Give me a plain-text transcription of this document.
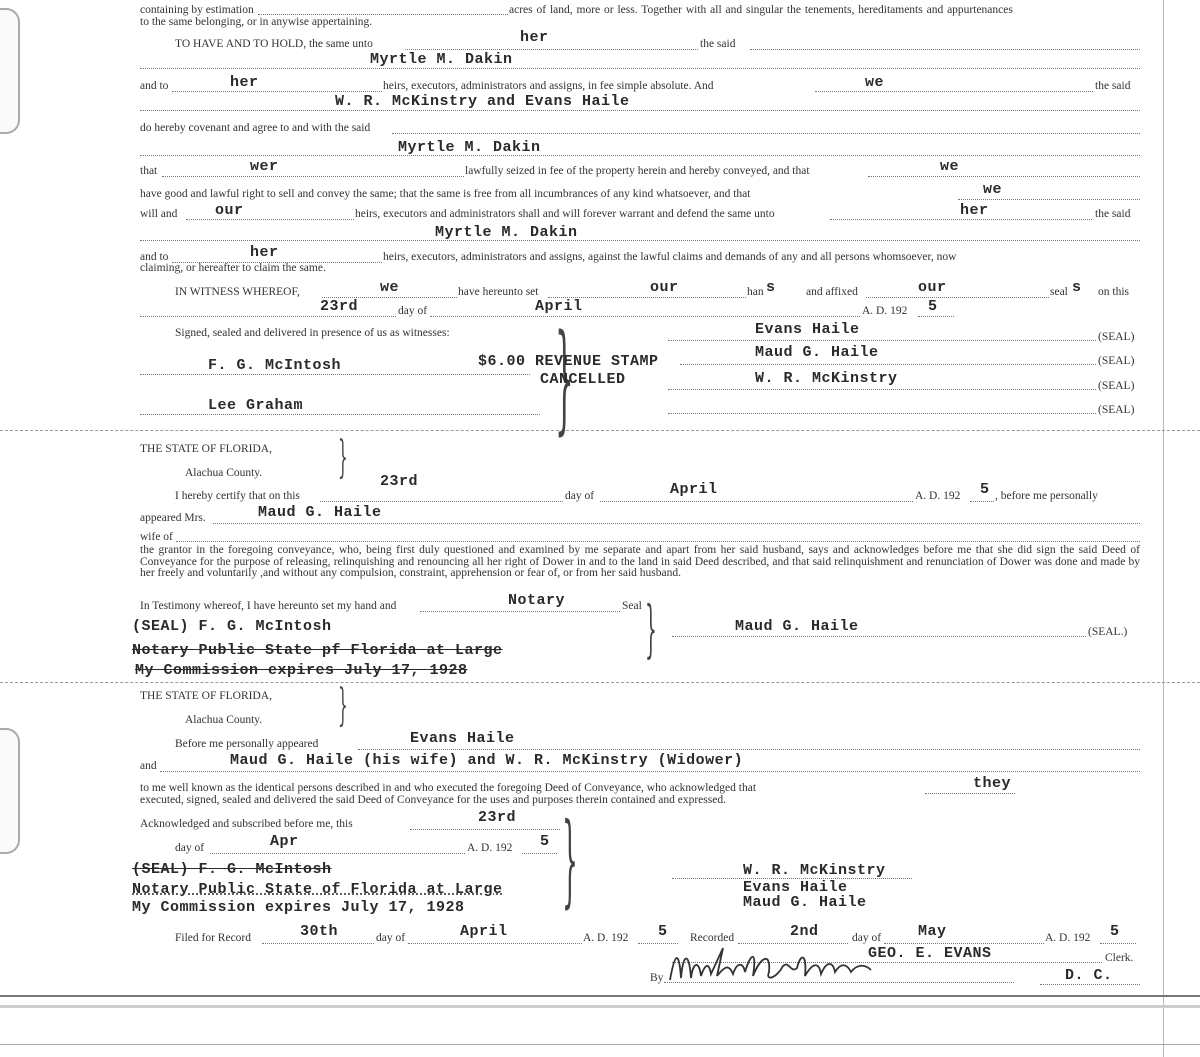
containing by estimation	acres of land, more or less. Together with all and singular the tenements, hereditaments and appurtenances
to the same belonging, or in anywise appertaining.
TO HAVE AND TO HOLD, the same unto	her	the said
Myrtle M. Dakin
and to	her	heirs, executors, administrators and assigns, in fee simple absolute. And	we	the said
W. R. McKinstry and Evans Haile
do hereby covenant and agree to and with the said
Myrtle M. Dakin
that	wer	lawfully seized in fee of the property herein and hereby conveyed, and that	we
have good and lawful right to sell and convey the same; that the same is free from all incumbrances of any kind whatsoever, and that	we
will and	our	heirs, executors and administrators shall and will forever warrant and defend the same unto	her	the said
Myrtle M. Dakin
and to	her	heirs, executors, administrators and assigns, against the lawful claims and demands of any and all persons whomsoever, now
claiming, or hereafter to claim the same.
IN WITNESS WHEREOF,	we	have hereunto set	our	han s	and affixed	our	seal s on this
23rd	day of	April	A. D. 192 5
Signed, sealed and delivered in presence of us as witnesses: }
F. G. McIntosh
Lee Graham
$6.00 REVENUE STAMP
CANCELLED
Evans Haile	(SEAL)
Maud G. Haile	(SEAL)
W. R. McKinstry	(SEAL)
(SEAL)
THE STATE OF FLORIDA,
Alachua County. } 23rd
I hereby certify that on this	day of	April	A. D. 192 5 , before me personally
appeared Mrs.	Maud G. Haile
wife of
the grantor in the foregoing conveyance, who, being first duly questioned and examined by me separate and apart from her said husband, says and acknowledges before me that she did sign the said Deed of Conveyance for the purpose of releasing, relinquishing and renouncing all her right of Dower in and to the land in said Deed described, and that said relinquishment and renunciation of Dower was done and made by her freely and voluntarily ,and without any compulsion, constraint, apprehension or fear of, or from her said husband.
In Testimony whereof, I have hereunto set my hand and	Notary	Seal }
(SEAL) F. G. McIntosh
Notary Public State pf Florida at Large
My Commission expires July 17, 1928
Maud G. Haile	(SEAL.)
THE STATE OF FLORIDA,
Alachua County. }
Before me personally appeared	Evans Haile
and	Maud G. Haile (his wife) and W. R. McKinstry (Widower)
to me well known as the identical persons described in and who executed the foregoing Deed of Conveyance, who acknowledged that	they
executed, signed, sealed and delivered the said Deed of Conveyance for the uses and purposes therein contained and expressed.
Acknowledged and subscribed before me, this	23rd }
day of	Apr	A. D. 192 5
(SEAL) F. G. McIntosh
Notary Public State of Florida at Large
My Commission expires July 17, 1928
W. R. McKinstry
Evans Haile
Maud G. Haile
Filed for Record	30th	day of	April	A. D. 192 5 Recorded	2nd	day of May	A. D. 192 5
GEO. E. EVANS	Clerk.
By	D. C.
